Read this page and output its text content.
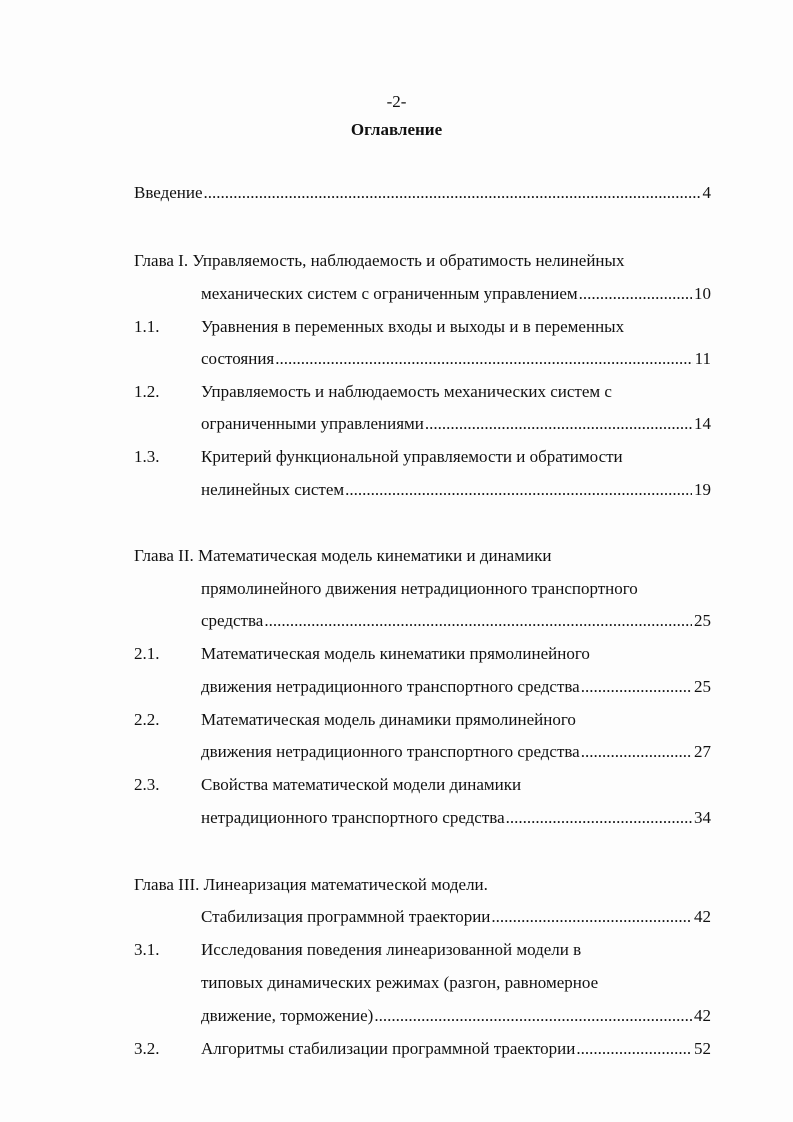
-2-
Оглавление
Введение .....	4
Глава I. Управляемость, наблюдаемость и обратимость нелинейных
механических систем с ограниченным управлением .....	10
1.1. Уравнения в переменных входы и выходы и в переменных
состояния .....	11
1.2. Управляемость и наблюдаемость механических систем с
ограниченными управлениями .....	14
1.3. Критерий функциональной управляемости и обратимости
нелинейных систем .....	19
Глава II. Математическая модель кинематики и динамики
прямолинейного движения нетрадиционного транспортного
средства .....	25
2.1. Математическая модель кинематики прямолинейного
движения нетрадиционного транспортного средства .....	25
2.2. Математическая модель динамики прямолинейного
движения нетрадиционного транспортного средства .....	27
2.3. Свойства математической модели динамики
нетрадиционного транспортного средства .....	34
Глава III. Линеаризация математической модели.
Стабилизация программной траектории .....	42
3.1. Исследования поведения линеаризованной модели в
типовых динамических режимах (разгон, равномерное
движение, торможение) .....	42
3.2. Алгоритмы стабилизации программной траектории .....	52
